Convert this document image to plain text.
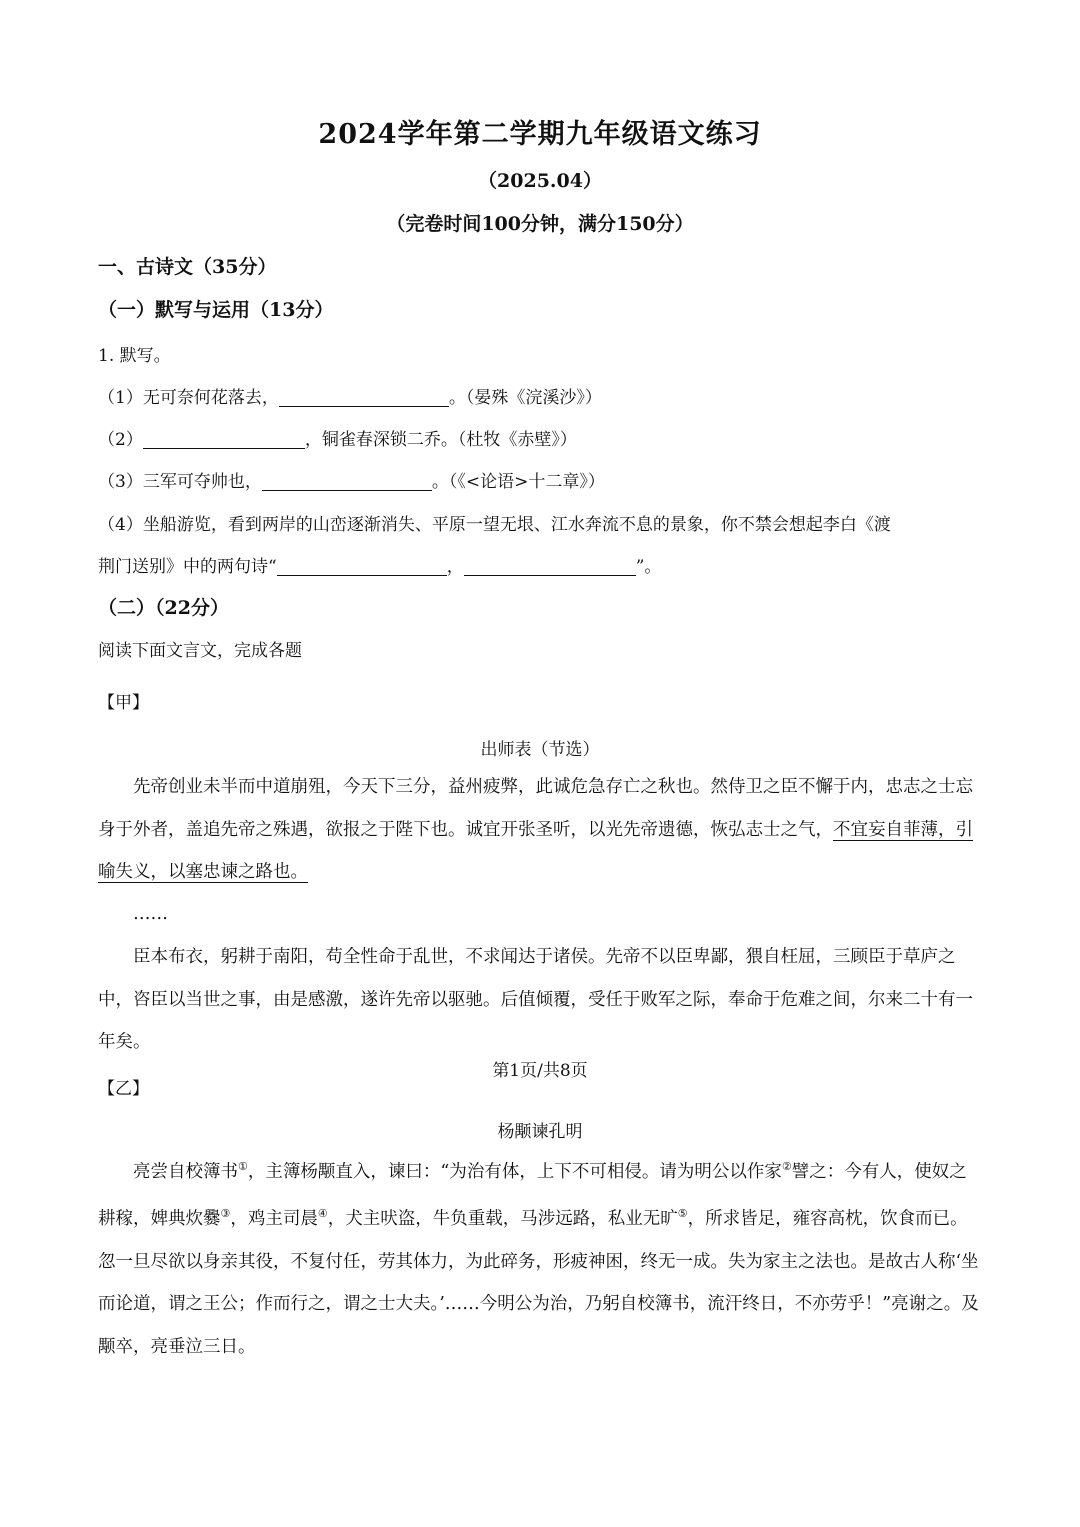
2024学年第二学期九年级语文练习
（2025.04）
（完卷时间100分钟，满分150分）
一、古诗文（35分）
（一）默写与运用（13分）
1. 默写。
（1）无可奈何花落去，	。（晏殊《浣溪沙》）
（2）	，铜雀春深锁二乔。（杜牧《赤壁》）
（3）三军可夺帅也，	。（《<论语>十二章》）
（4）坐船游览，看到两岸的山峦逐渐消失、平原一望无垠、江水奔流不息的景象，你不禁会想起李白《渡
荆门送别》中的两句诗“	，	”。
（二）（22分）
阅读下面文言文，完成各题
【甲】
出师表（节选）
先帝创业未半而中道崩殂，今天下三分，益州疲弊，此诚危急存亡之秋也。然侍卫之臣不懈于内，忠志之士忘身于外者，盖追先帝之殊遇，欲报之于陛下也。诚宜开张圣听，以光先帝遗德，恢弘志士之气，不宜妄自菲薄，引喻失义，以塞忠谏之路也。
……
臣本布衣，躬耕于南阳，苟全性命于乱世，不求闻达于诸侯。先帝不以臣卑鄙，猥自枉屈，三顾臣于草庐之中，咨臣以当世之事，由是感激，遂许先帝以驱驰。后值倾覆，受任于败军之际，奉命于危难之间，尔来二十有一年矣。
【乙】
杨颙谏孔明
亮尝自校簿书①，主簿杨颙直入，谏曰：“为治有体，上下不可相侵。请为明公以作家②譬之：今有人，使奴之耕稼，婢典炊爨③，鸡主司晨④，犬主吠盗，牛负重载，马涉远路，私业无旷⑤，所求皆足，雍容高枕，饮食而已。忽一旦尽欲以身亲其役，不复付任，劳其体力，为此碎务，形疲神困，终无一成。失为家主之法也。是故古人称‘坐而论道，谓之王公；作而行之，谓之士大夫。’……今明公为治，乃躬自校簿书，流汗终日，不亦劳乎！”亮谢之。及颙卒，亮垂泣三日。
第1页/共8页
